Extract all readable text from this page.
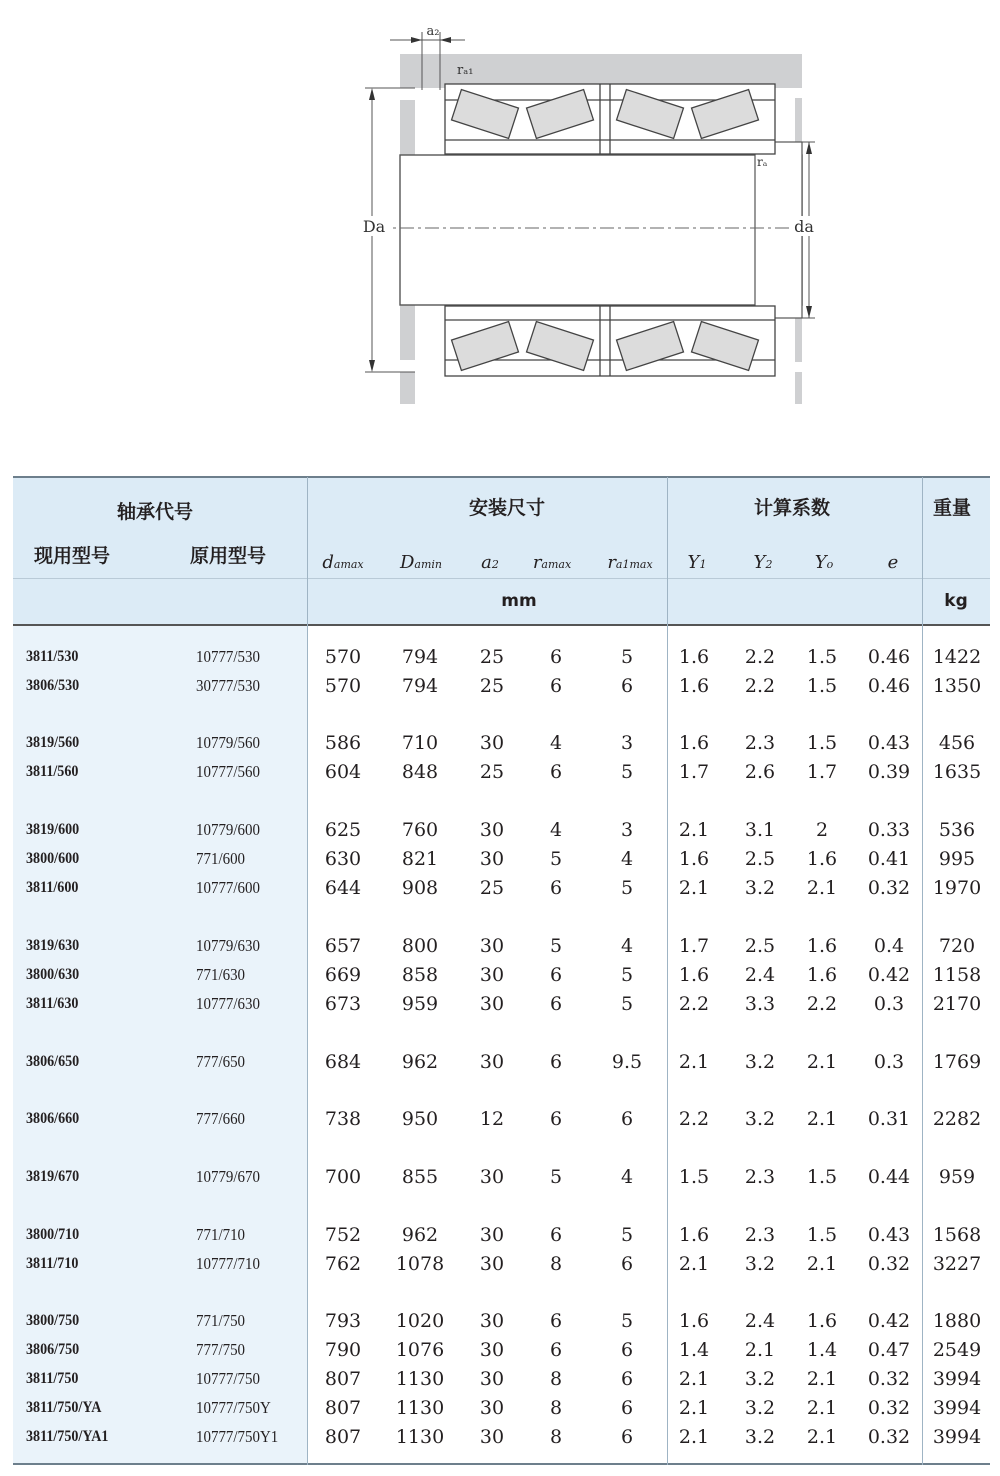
Da	da
a₂
rₐ₁
rₐ
轴承代号
现用型号	原用型号
安装尺寸	计算系数	重量
damax Damin a2 ramax ra1max Y1	Y2 Yo	e
mm	kg
3811/530	10777/530	570 794 25 6	5 1.6 2.2 1.5 0.46 1422
3806/530	30777/530	570 794 25 6	6 1.6 2.2 1.5 0.46 1350
3819/560	10779/560	586 710 30 4	3 1.6 2.3 1.5 0.43 456
3811/560	10777/560	604 848 25 6	5 1.7 2.6 1.7 0.39 1635
3819/600	10779/600	625 760 30 4	3 2.1 3.1 2 0.33 536
3800/600	771/600	630 821 30 5	4 1.6 2.5 1.6 0.41 995
3811/600	10777/600	644 908 25 6	5 2.1 3.2 2.1 0.32 1970
3819/630	10779/630	657 800 30 5	4 1.7 2.5 1.6 0.4 720
3800/630	771/630	669 858 30 6	5 1.6 2.4 1.6 0.42 1158
3811/630	10777/630	673 959 30 6	5 2.2 3.3 2.2 0.3 2170
3806/650	777/650	684 962 30 6	9.5 2.1 3.2 2.1 0.3 1769
3806/660	777/660	738 950 12 6	6 2.2 3.2 2.1 0.31 2282
3819/670	10779/670	700 855 30 5	4 1.5 2.3 1.5 0.44 959
3800/710	771/710	752 962 30 6	5 1.6 2.3 1.5 0.43 1568
3811/710	10777/710	762 1078 30 8	6 2.1 3.2 2.1 0.32 3227
3800/750	771/750	793 1020 30 6	5 1.6 2.4 1.6 0.42 1880
3806/750	777/750	790 1076 30 6	6 1.4 2.1 1.4 0.47 2549
3811/750	10777/750	807 1130 30 8	6 2.1 3.2 2.1 0.32 3994
3811/750/YA	10777/750Y	807 1130 30 8	6 2.1 3.2 2.1 0.32 3994
3811/750/YA1	10777/750Y1 807 1130 30 8	6 2.1 3.2 2.1 0.32 3994
